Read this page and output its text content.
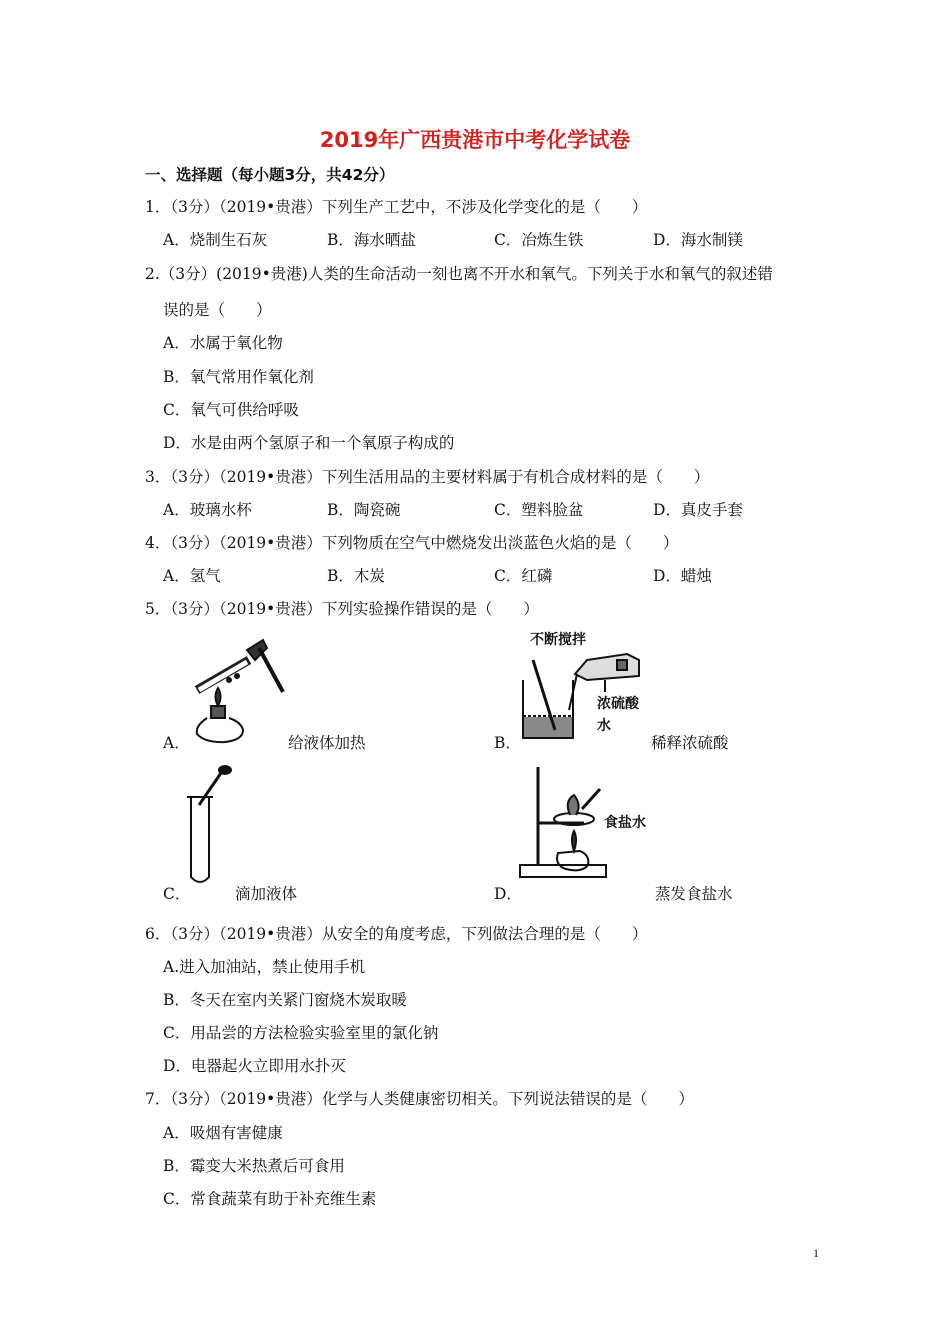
2019年广西贵港市中考化学试卷
一、选择题（每小题3分，共42分）
1．（3分）（2019•贵港）下列生产工艺中，不涉及化学变化的是（　　）
A．烧制生石灰	B．海水晒盐	C．冶炼生铁	D．海水制镁
2.（3分）(2019•贵港)人类的生命活动一刻也离不开水和氧气。下列关于水和氧气的叙述错
误的是（　　）
A．水属于氧化物
B．氧气常用作氧化剂
C．氧气可供给呼吸
D．水是由两个氢原子和一个氧原子构成的
3．（3分）（2019•贵港）下列生活用品的主要材料属于有机合成材料的是（　　）
A．玻璃水杯	B．陶瓷碗	C．塑料脸盆	D．真皮手套
4．（3分）（2019•贵港）下列物质在空气中燃烧发出淡蓝色火焰的是（　　）
A．氢气	B．木炭	C．红磷	D．蜡烛
5．（3分）（2019•贵港）下列实验操作错误的是（　　）
A．	给液体加热
不断搅拌
浓硫酸
水
B．	稀释浓硫酸
C．	滴加液体
食盐水
D．	蒸发食盐水
6．（3分）（2019•贵港）从安全的角度考虑，下列做法合理的是（　　）
A.进入加油站，禁止使用手机
B．冬天在室内关紧门窗烧木炭取暖
C．用品尝的方法检验实验室里的氯化钠
D．电器起火立即用水扑灭
7．（3分）（2019•贵港）化学与人类健康密切相关。下列说法错误的是（　　）
A．吸烟有害健康
B．霉变大米热煮后可食用
C．常食蔬菜有助于补充维生素
1
